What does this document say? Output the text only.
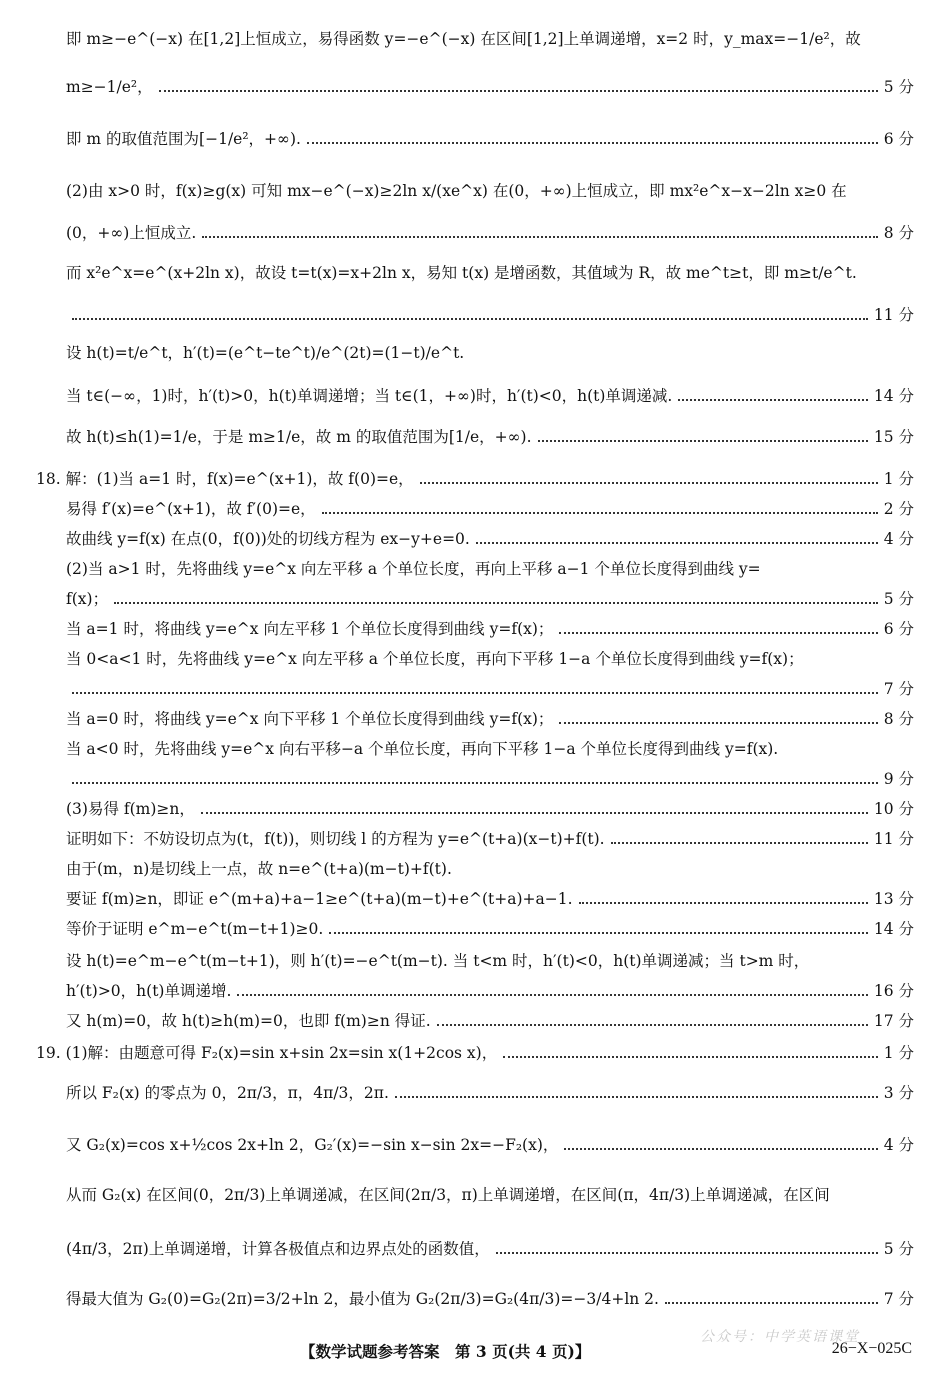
即 m≥−e^(−x) 在[1,2]上恒成立，易得函数 y=−e^(−x) 在区间[1,2]上单调递增，x=2 时，y_max=−1/e²，故
m≥−1/e²，	5 分
即 m 的取值范围为[−1/e²，+∞).	6 分
(2)由 x>0 时，f(x)≥g(x) 可知 mx−e^(−x)≥2ln x/(xe^x) 在(0，+∞)上恒成立，即 mx²e^x−x−2ln x≥0 在
(0，+∞)上恒成立.	8 分
而 x²e^x=e^(x+2ln x)，故设 t=t(x)=x+2ln x，易知 t(x) 是增函数，其值域为 R，故 me^t≥t，即 m≥t/e^t.
11 分
设 h(t)=t/e^t，h′(t)=(e^t−te^t)/e^(2t)=(1−t)/e^t.
当 t∈(−∞，1)时，h′(t)>0，h(t)单调递增；当 t∈(1，+∞)时，h′(t)<0，h(t)单调递减.	14 分
故 h(t)≤h(1)=1/e，于是 m≥1/e，故 m 的取值范围为[1/e，+∞).	15 分
18. 解：(1)当 a=1 时，f(x)=e^(x+1)，故 f(0)=e，	1 分
易得 f′(x)=e^(x+1)，故 f′(0)=e，	2 分
故曲线 y=f(x) 在点(0，f(0))处的切线方程为 ex−y+e=0.	4 分
(2)当 a>1 时，先将曲线 y=e^x 向左平移 a 个单位长度，再向上平移 a−1 个单位长度得到曲线 y=
f(x)；	5 分
当 a=1 时，将曲线 y=e^x 向左平移 1 个单位长度得到曲线 y=f(x)；	6 分
当 0<a<1 时，先将曲线 y=e^x 向左平移 a 个单位长度，再向下平移 1−a 个单位长度得到曲线 y=f(x)；
7 分
当 a=0 时，将曲线 y=e^x 向下平移 1 个单位长度得到曲线 y=f(x)；	8 分
当 a<0 时，先将曲线 y=e^x 向右平移−a 个单位长度，再向下平移 1−a 个单位长度得到曲线 y=f(x).
9 分
(3)易得 f(m)≥n，	10 分
证明如下：不妨设切点为(t，f(t))，则切线 l 的方程为 y=e^(t+a)(x−t)+f(t).	11 分
由于(m，n)是切线上一点，故 n=e^(t+a)(m−t)+f(t).
要证 f(m)≥n，即证 e^(m+a)+a−1≥e^(t+a)(m−t)+e^(t+a)+a−1.	13 分
等价于证明 e^m−e^t(m−t+1)≥0.	14 分
设 h(t)=e^m−e^t(m−t+1)，则 h′(t)=−e^t(m−t). 当 t<m 时，h′(t)<0，h(t)单调递减；当 t>m 时，
h′(t)>0，h(t)单调递增.	16 分
又 h(m)=0，故 h(t)≥h(m)=0，也即 f(m)≥n 得证.	17 分
19. (1)解：由题意可得 F₂(x)=sin x+sin 2x=sin x(1+2cos x)，	1 分
所以 F₂(x) 的零点为 0，2π/3，π，4π/3，2π.	3 分
又 G₂(x)=cos x+½cos 2x+ln 2，G₂′(x)=−sin x−sin 2x=−F₂(x)，	4 分
从而 G₂(x) 在区间(0，2π/3)上单调递减，在区间(2π/3，π)上单调递增，在区间(π，4π/3)上单调递减，在区间
(4π/3，2π)上单调递增，计算各极值点和边界点处的函数值，	5 分
得最大值为 G₂(0)=G₂(2π)=3/2+ln 2，最小值为 G₂(2π/3)=G₂(4π/3)=−3/4+ln 2.	7 分
【数学试题参考答案　第 3 页(共 4 页)】	26−X−025C
公众号：中学英语课堂
